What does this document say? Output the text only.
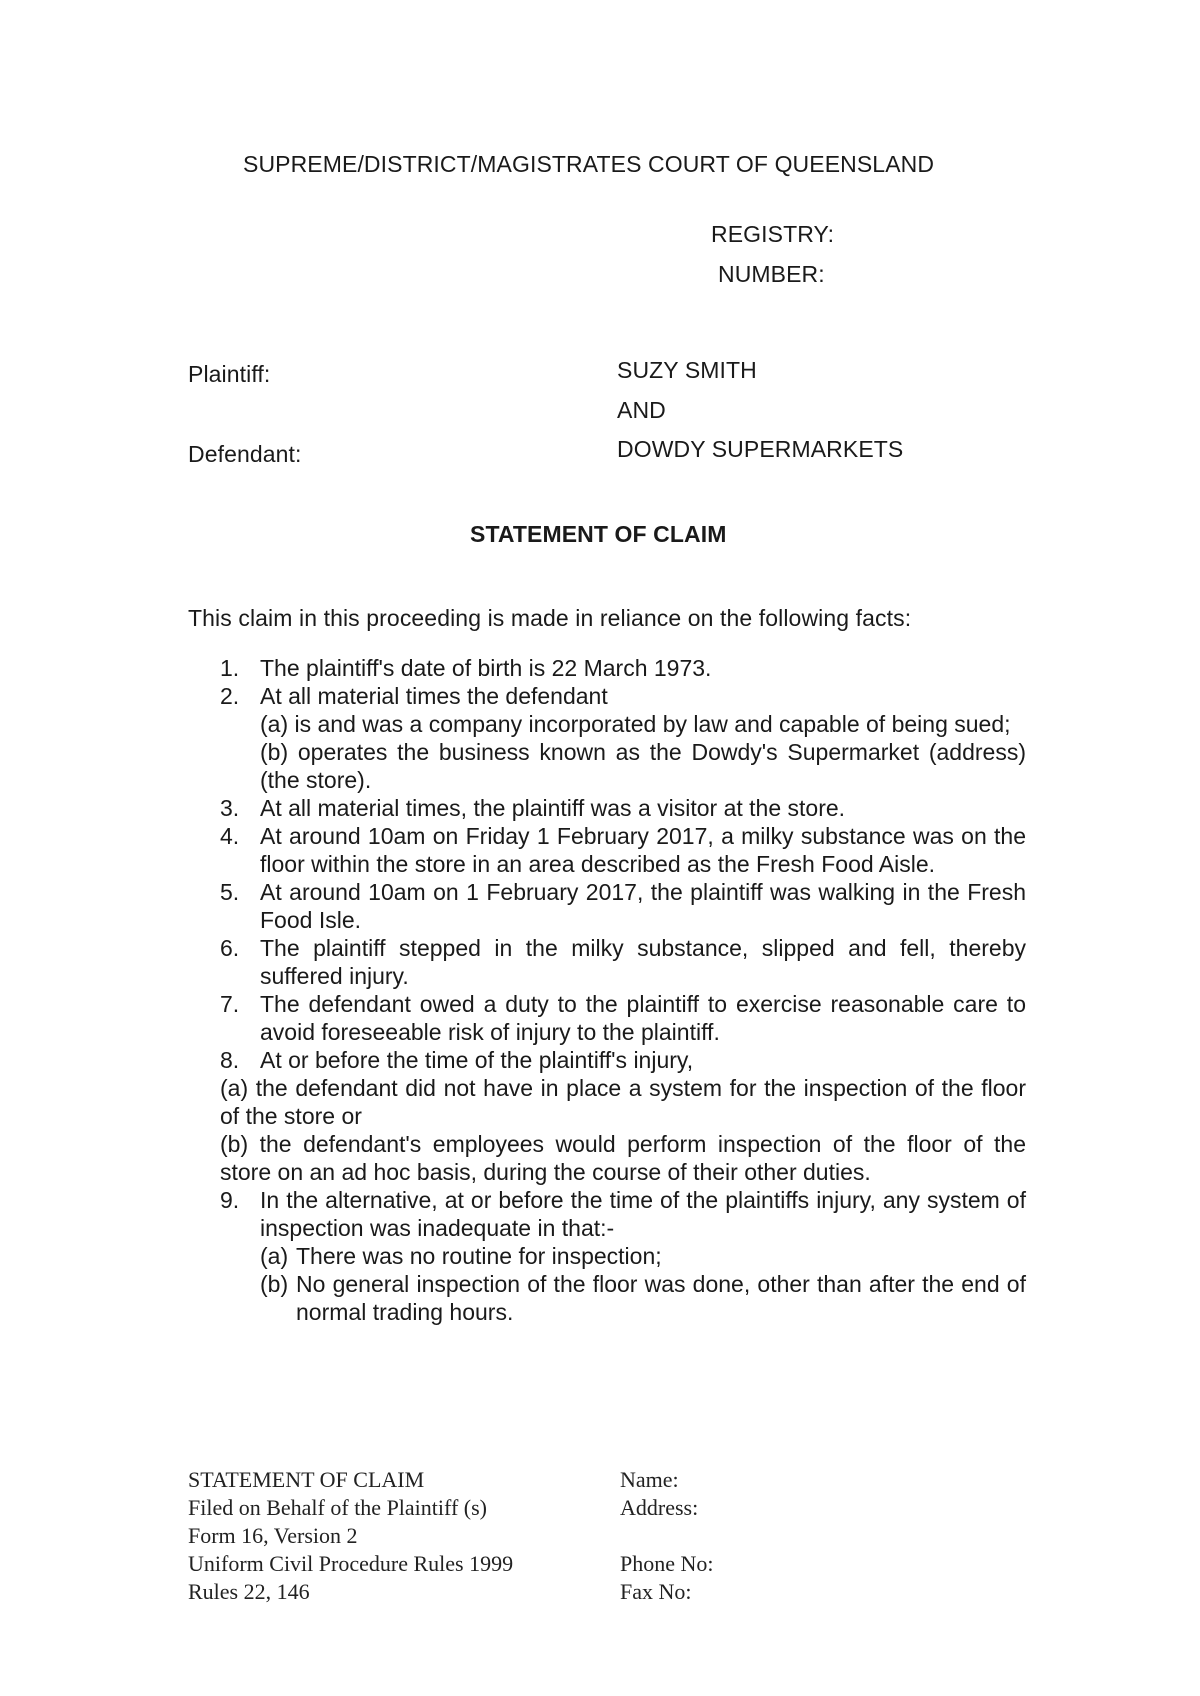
SUPREME/DISTRICT/MAGISTRATES COURT OF QUEENSLAND
REGISTRY:
NUMBER:
Plaintiff:	SUZY SMITH
AND
Defendant:	DOWDY SUPERMARKETS
STATEMENT OF CLAIM
This claim in this proceeding is made in reliance on the following facts:
1. The plaintiff's date of birth is 22 March 1973.
2. At all material times the defendant
(a) is and was a company incorporated by law and capable of being sued;
(b) operates the business known as the Dowdy's Supermarket (address) (the store).
3. At all material times, the plaintiff was a visitor at the store.
4. At around 10am on Friday 1 February 2017, a milky substance was on the floor within the store in an area described as the Fresh Food Aisle.
5. At around 10am on 1 February 2017, the plaintiff was walking in the Fresh Food Isle.
6. The plaintiff stepped in the milky substance, slipped and fell, thereby suffered injury.
7. The defendant owed a duty to the plaintiff to exercise reasonable care to avoid foreseeable risk of injury to the plaintiff.
8. At or before the time of the plaintiff's injury,
(a) the defendant did not have in place a system for the inspection of the floor of the store or
(b) the defendant's employees would perform inspection of the floor of the store on an ad hoc basis, during the course of their other duties.
9. In the alternative, at or before the time of the plaintiffs injury, any system of inspection was inadequate in that:-
(a) There was no routine for inspection;
(b) No general inspection of the floor was done, other than after the end of normal trading hours.
STATEMENT OF CLAIM
Filed on Behalf of the Plaintiff (s)
Form 16, Version 2
Uniform Civil Procedure Rules 1999
Rules 22, 146
Name:
Address:
Phone No:
Fax No:
